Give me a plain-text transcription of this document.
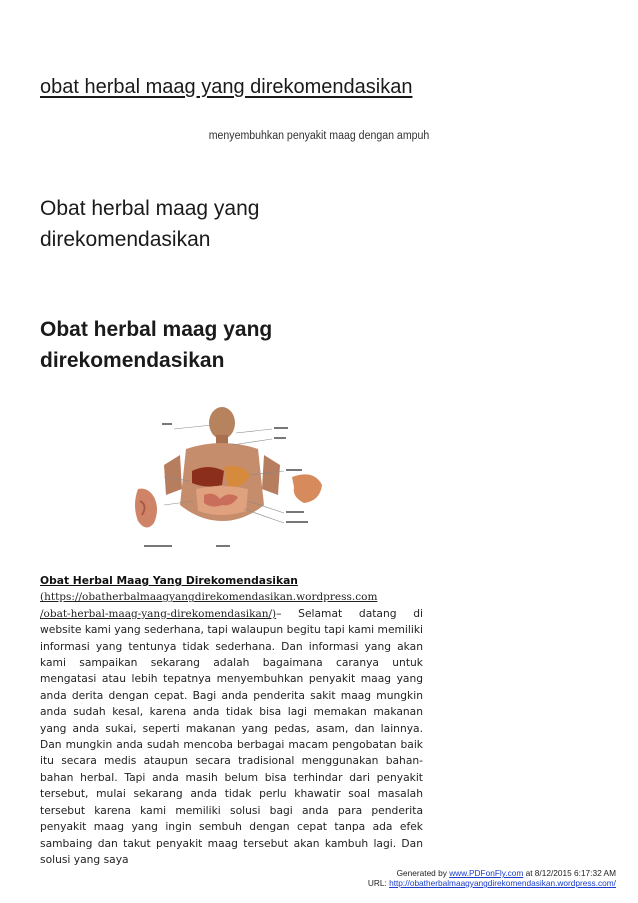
obat herbal maag yang direkomendasikan
menyembuhkan penyakit maag dengan ampuh
Obat herbal maag yang direkomendasikan
Obat herbal maag yang direkomendasikan

Obat Herbal Maag Yang Direkomendasikan
(https://obatherbalmaagyangdirekomendasikan.wordpress.com
/obat-herbal-maag-yang-direkomendasikan/)– Selamat datang di website kami yang sederhana, tapi walaupun begitu tapi kami memiliki informasi yang tentunya tidak sederhana. Dan informasi yang akan kami sampaikan sekarang adalah bagaimana caranya untuk mengatasi atau lebih tepatnya menyembuhkan penyakit maag yang anda derita dengan cepat. Bagi anda penderita sakit maag mungkin anda sudah kesal, karena anda tidak bisa lagi memakan makanan yang anda sukai, seperti makanan yang pedas, asam, dan lainnya. Dan mungkin anda sudah mencoba berbagai macam pengobatan baik itu secara medis ataupun secara tradisional menggunakan bahan-bahan herbal. Tapi anda masih belum bisa terhindar dari penyakit tersebut, mulai sekarang anda tidak perlu khawatir soal masalah tersebut karena kami memiliki solusi bagi anda para penderita penyakit maag yang ingin sembuh dengan cepat tanpa ada efek sambaing dan takut penyakit maag tersebut akan kambuh lagi. Dan solusi yang saya

Generated by www.PDFonFly.com at 8/12/2015 6:17:32 AM
URL: http://obatherbalmaagyangdirekomendasikan.wordpress.com/
